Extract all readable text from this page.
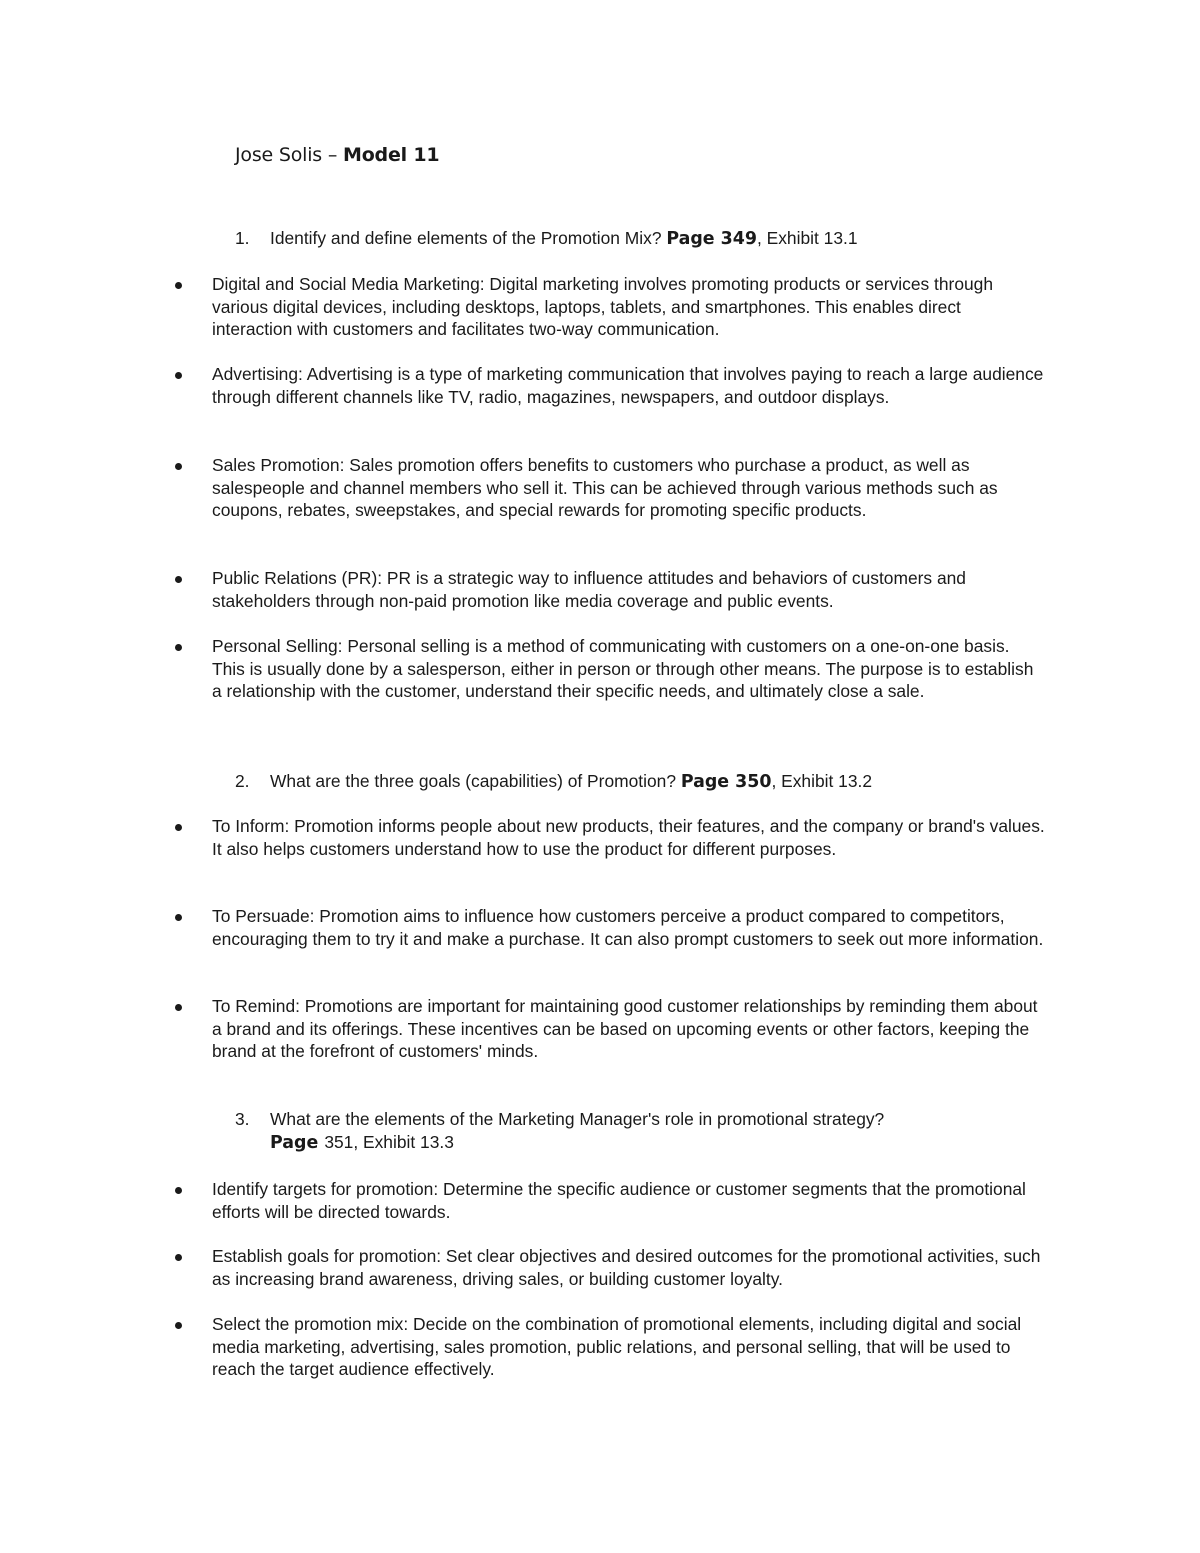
Jose Solis – Model 11
1. Identify and define elements of the Promotion Mix? Page 349, Exhibit 13.1
Digital and Social Media Marketing: Digital marketing involves promoting products or services through various digital devices, including desktops, laptops, tablets, and smartphones. This enables direct interaction with customers and facilitates two-way communication.
Advertising: Advertising is a type of marketing communication that involves paying to reach a large audience through different channels like TV, radio, magazines, newspapers, and outdoor displays.
Sales Promotion: Sales promotion offers benefits to customers who purchase a product, as well as salespeople and channel members who sell it. This can be achieved through various methods such as coupons, rebates, sweepstakes, and special rewards for promoting specific products.
Public Relations (PR): PR is a strategic way to influence attitudes and behaviors of customers and stakeholders through non-paid promotion like media coverage and public events.
Personal Selling: Personal selling is a method of communicating with customers on a one-on-one basis. This is usually done by a salesperson, either in person or through other means. The purpose is to establish a relationship with the customer, understand their specific needs, and ultimately close a sale.
2. What are the three goals (capabilities) of Promotion? Page 350, Exhibit 13.2
To Inform: Promotion informs people about new products, their features, and the company or brand's values. It also helps customers understand how to use the product for different purposes.
To Persuade: Promotion aims to influence how customers perceive a product compared to competitors, encouraging them to try it and make a purchase. It can also prompt customers to seek out more information.
To Remind: Promotions are important for maintaining good customer relationships by reminding them about a brand and its offerings. These incentives can be based on upcoming events or other factors, keeping the brand at the forefront of customers' minds.
3. What are the elements of the Marketing Manager's role in promotional strategy? Page 351, Exhibit 13.3
Identify targets for promotion: Determine the specific audience or customer segments that the promotional efforts will be directed towards.
Establish goals for promotion: Set clear objectives and desired outcomes for the promotional activities, such as increasing brand awareness, driving sales, or building customer loyalty.
Select the promotion mix: Decide on the combination of promotional elements, including digital and social media marketing, advertising, sales promotion, public relations, and personal selling, that will be used to reach the target audience effectively.
